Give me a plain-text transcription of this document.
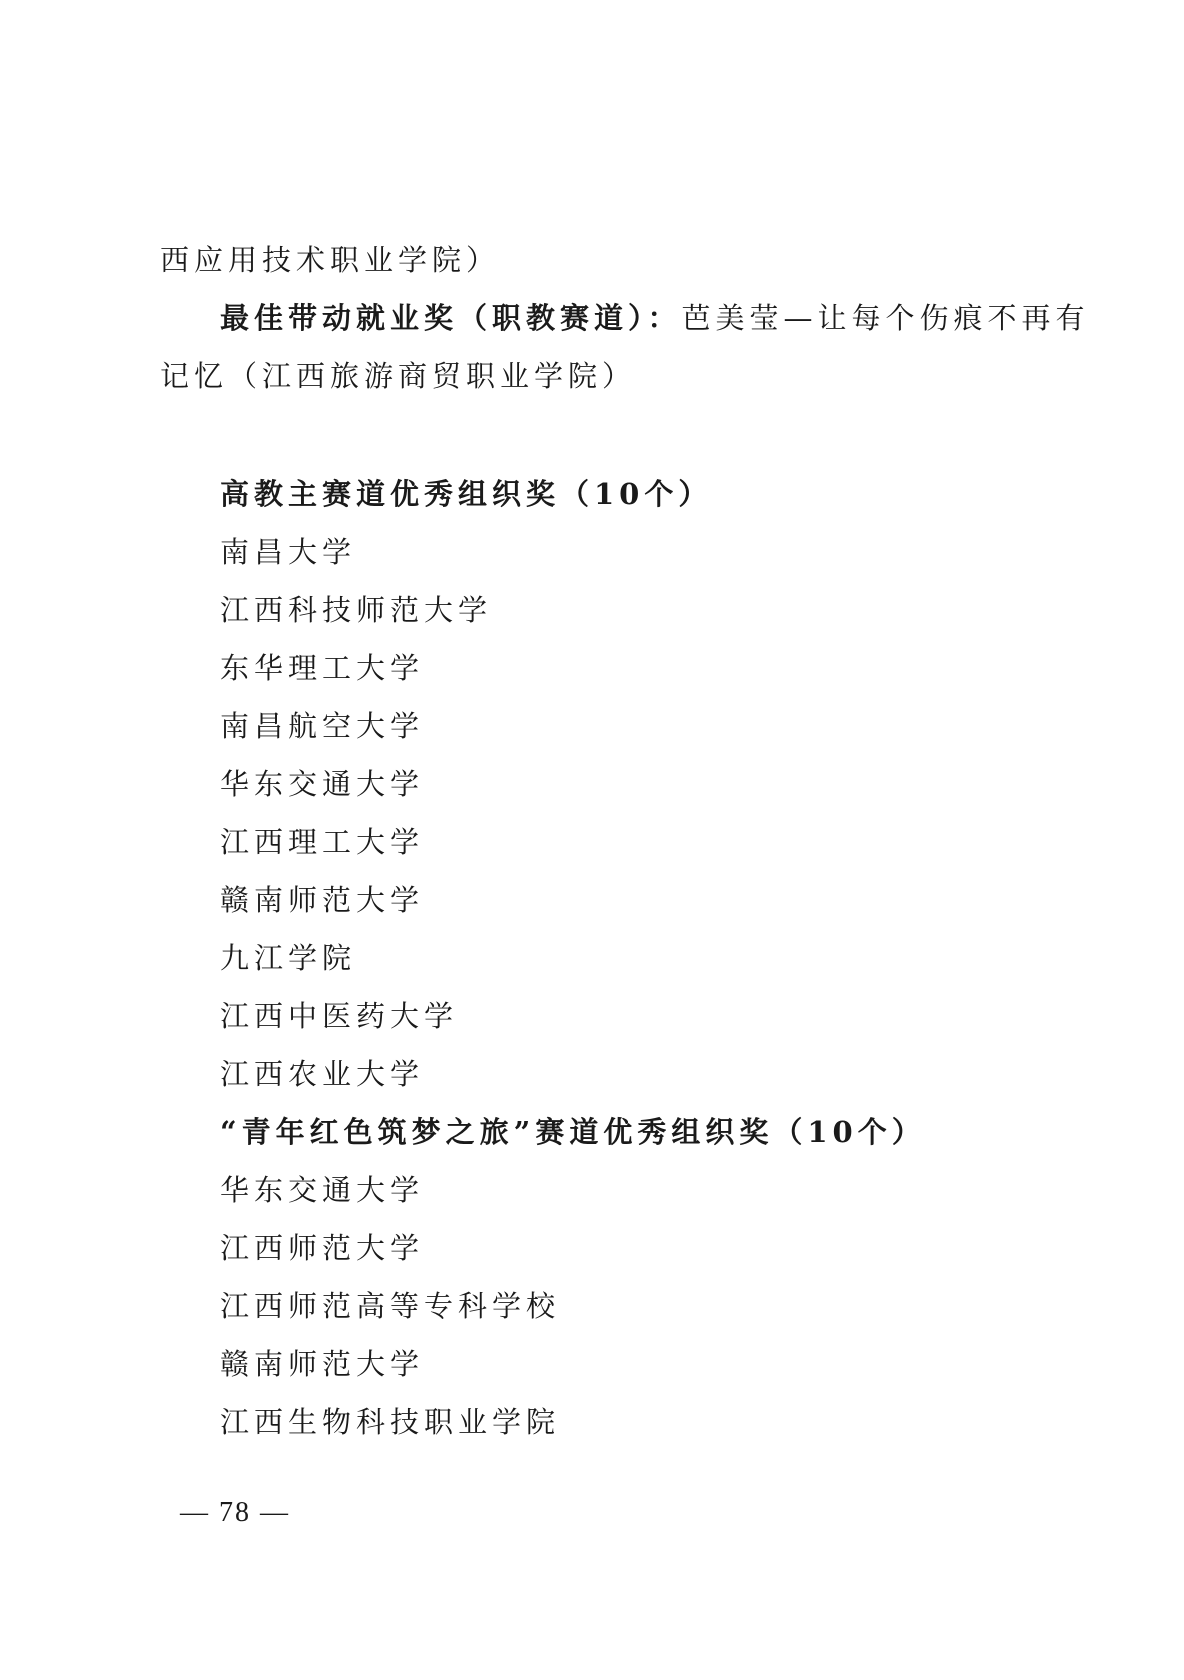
西应用技术职业学院）
最佳带动就业奖（职教赛道）：芭美莹—让每个伤痕不再有
记忆（江西旅游商贸职业学院）
高教主赛道优秀组织奖（10个）
南昌大学
江西科技师范大学
东华理工大学
南昌航空大学
华东交通大学
江西理工大学
赣南师范大学
九江学院
江西中医药大学
江西农业大学
“青年红色筑梦之旅”赛道优秀组织奖（10个）
华东交通大学
江西师范大学
江西师范高等专科学校
赣南师范大学
江西生物科技职业学院
— 78 —
